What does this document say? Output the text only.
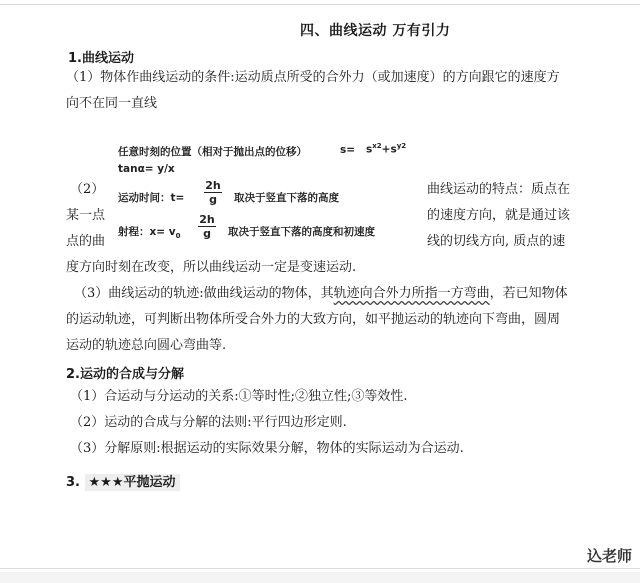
四、曲线运动 万有引力
1.曲线运动
（1）物体作曲线运动的条件:运动质点所受的合外力（或加速度）的方向跟它的速度方
向不在同一直线
任意时刻的位置（相对于抛出点的位移）	$s= s^{x2}+s^{y2}$
tanα= y/x
运动时间：$t= \frac{2h}{g}$ 取决于竖直下落的高度
射程：$x= v_0 \frac{2h}{g}$ 取决于竖直下落的高度和初速度
（2）
某一点
点的曲
曲线运动的特点：质点在
的速度方向，就是通过该
线的切线方向, 质点的速
度方向时刻在改变，所以曲线运动一定是变速运动.
（3）曲线运动的轨迹:做曲线运动的物体，其轨迹向合外力所指一方弯曲，若已知物体
的运动轨迹，可判断出物体所受合外力的大致方向，如平抛运动的轨迹向下弯曲，圆周
运动的轨迹总向圆心弯曲等.
2.运动的合成与分解
（1）合运动与分运动的关系:①等时性;②独立性;③等效性.
（2）运动的合成与分解的法则:平行四边形定则.
（3）分解原则:根据运动的实际效果分解，物体的实际运动为合运动.
3. ★★★平抛运动
込老师
